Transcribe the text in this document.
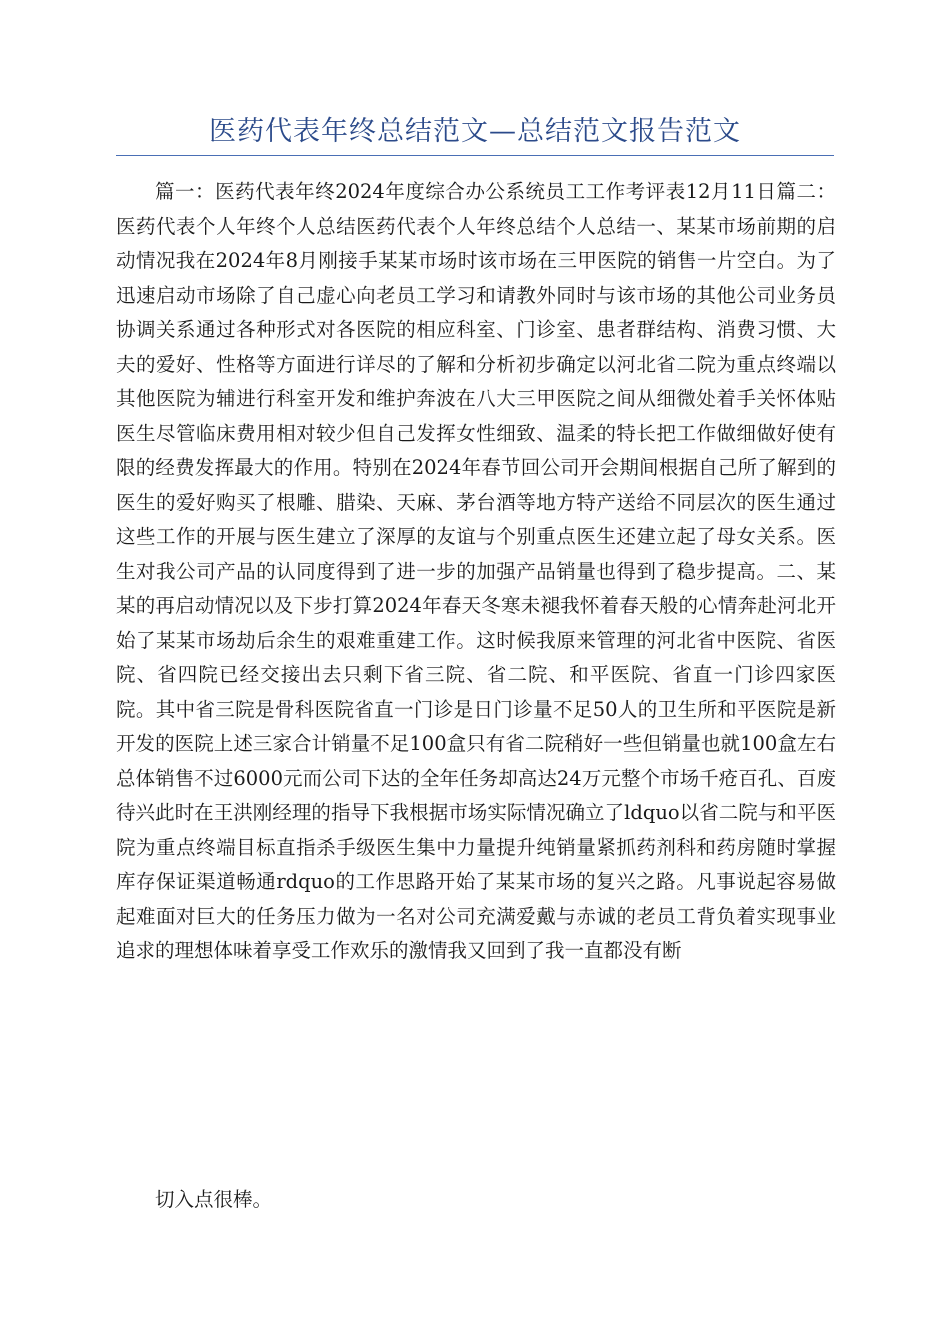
医药代表年终总结范文—总结范文报告范文

篇一：医药代表年终2024年度综合办公系统员工工作考评表12月11日篇二：医药代表个人年终个人总结医药代表个人年终总结个人总结一、某某市场前期的启动情况我在2024年8月刚接手某某市场时该市场在三甲医院的销售一片空白。为了迅速启动市场除了自己虚心向老员工学习和请教外同时与该市场的其他公司业务员协调关系通过各种形式对各医院的相应科室、门诊室、患者群结构、消费习惯、大夫的爱好、性格等方面进行详尽的了解和分析初步确定以河北省二院为重点终端以其他医院为辅进行科室开发和维护奔波在八大三甲医院之间从细微处着手关怀体贴医生尽管临床费用相对较少但自己发挥女性细致、温柔的特长把工作做细做好使有限的经费发挥最大的作用。特别在2024年春节回公司开会期间根据自己所了解到的医生的爱好购买了根雕、腊染、天麻、茅台酒等地方特产送给不同层次的医生通过这些工作的开展与医生建立了深厚的友谊与个别重点医生还建立起了母女关系。医生对我公司产品的认同度得到了进一步的加强产品销量也得到了稳步提高。二、某某的再启动情况以及下步打算2024年春天冬寒未褪我怀着春天般的心情奔赴河北开始了某某市场劫后余生的艰难重建工作。这时候我原来管理的河北省中医院、省医院、省四院已经交接出去只剩下省三院、省二院、和平医院、省直一门诊四家医院。其中省三院是骨科医院省直一门诊是日门诊量不足50人的卫生所和平医院是新开发的医院上述三家合计销量不足100盒只有省二院稍好一些但销量也就100盒左右总体销售不过6000元而公司下达的全年任务却高达24万元整个市场千疮百孔、百废待兴此时在王洪刚经理的指导下我根据市场实际情况确立了ldquo以省二院与和平医院为重点终端目标直指杀手级医生集中力量提升纯销量紧抓药剂科和药房随时掌握库存保证渠道畅通rdquo的工作思路开始了某某市场的复兴之路。凡事说起容易做起难面对巨大的任务压力做为一名对公司充满爱戴与赤诚的老员工背负着实现事业追求的理想体味着享受工作欢乐的激情我又回到了我一直都没有断

切入点很棒。
